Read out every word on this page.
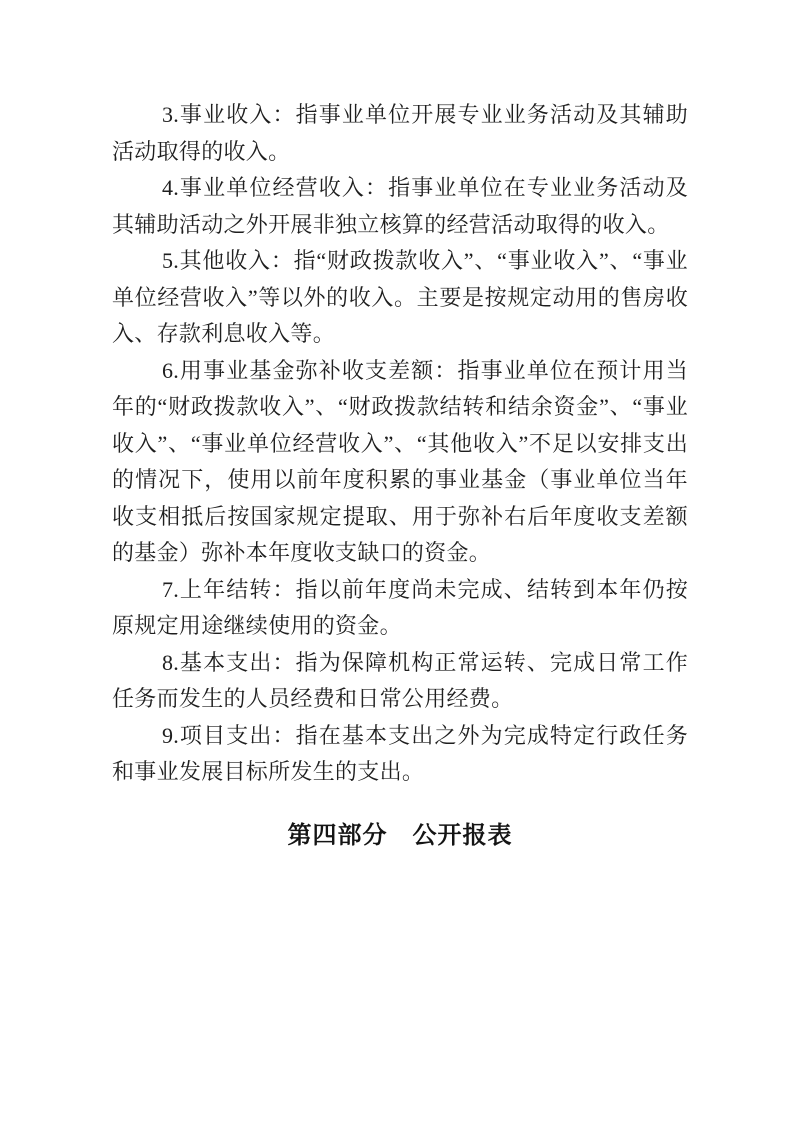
3.事业收入：指事业单位开展专业业务活动及其辅助活动取得的收入。

4.事业单位经营收入：指事业单位在专业业务活动及其辅助活动之外开展非独立核算的经营活动取得的收入。

5.其他收入：指“财政拨款收入”、“事业收入”、“事业单位经营收入”等以外的收入。主要是按规定动用的售房收入、存款利息收入等。

6.用事业基金弥补收支差额：指事业单位在预计用当年的“财政拨款收入”、“财政拨款结转和结余资金”、“事业收入”、“事业单位经营收入”、“其他收入”不足以安排支出的情况下，使用以前年度积累的事业基金（事业单位当年收支相抵后按国家规定提取、用于弥补右后年度收支差额的基金）弥补本年度收支缺口的资金。

7.上年结转：指以前年度尚未完成、结转到本年仍按原规定用途继续使用的资金。

8.基本支出：指为保障机构正常运转、完成日常工作任务而发生的人员经费和日常公用经费。

9.项目支出：指在基本支出之外为完成特定行政任务和事业发展目标所发生的支出。

第四部分　公开报表
